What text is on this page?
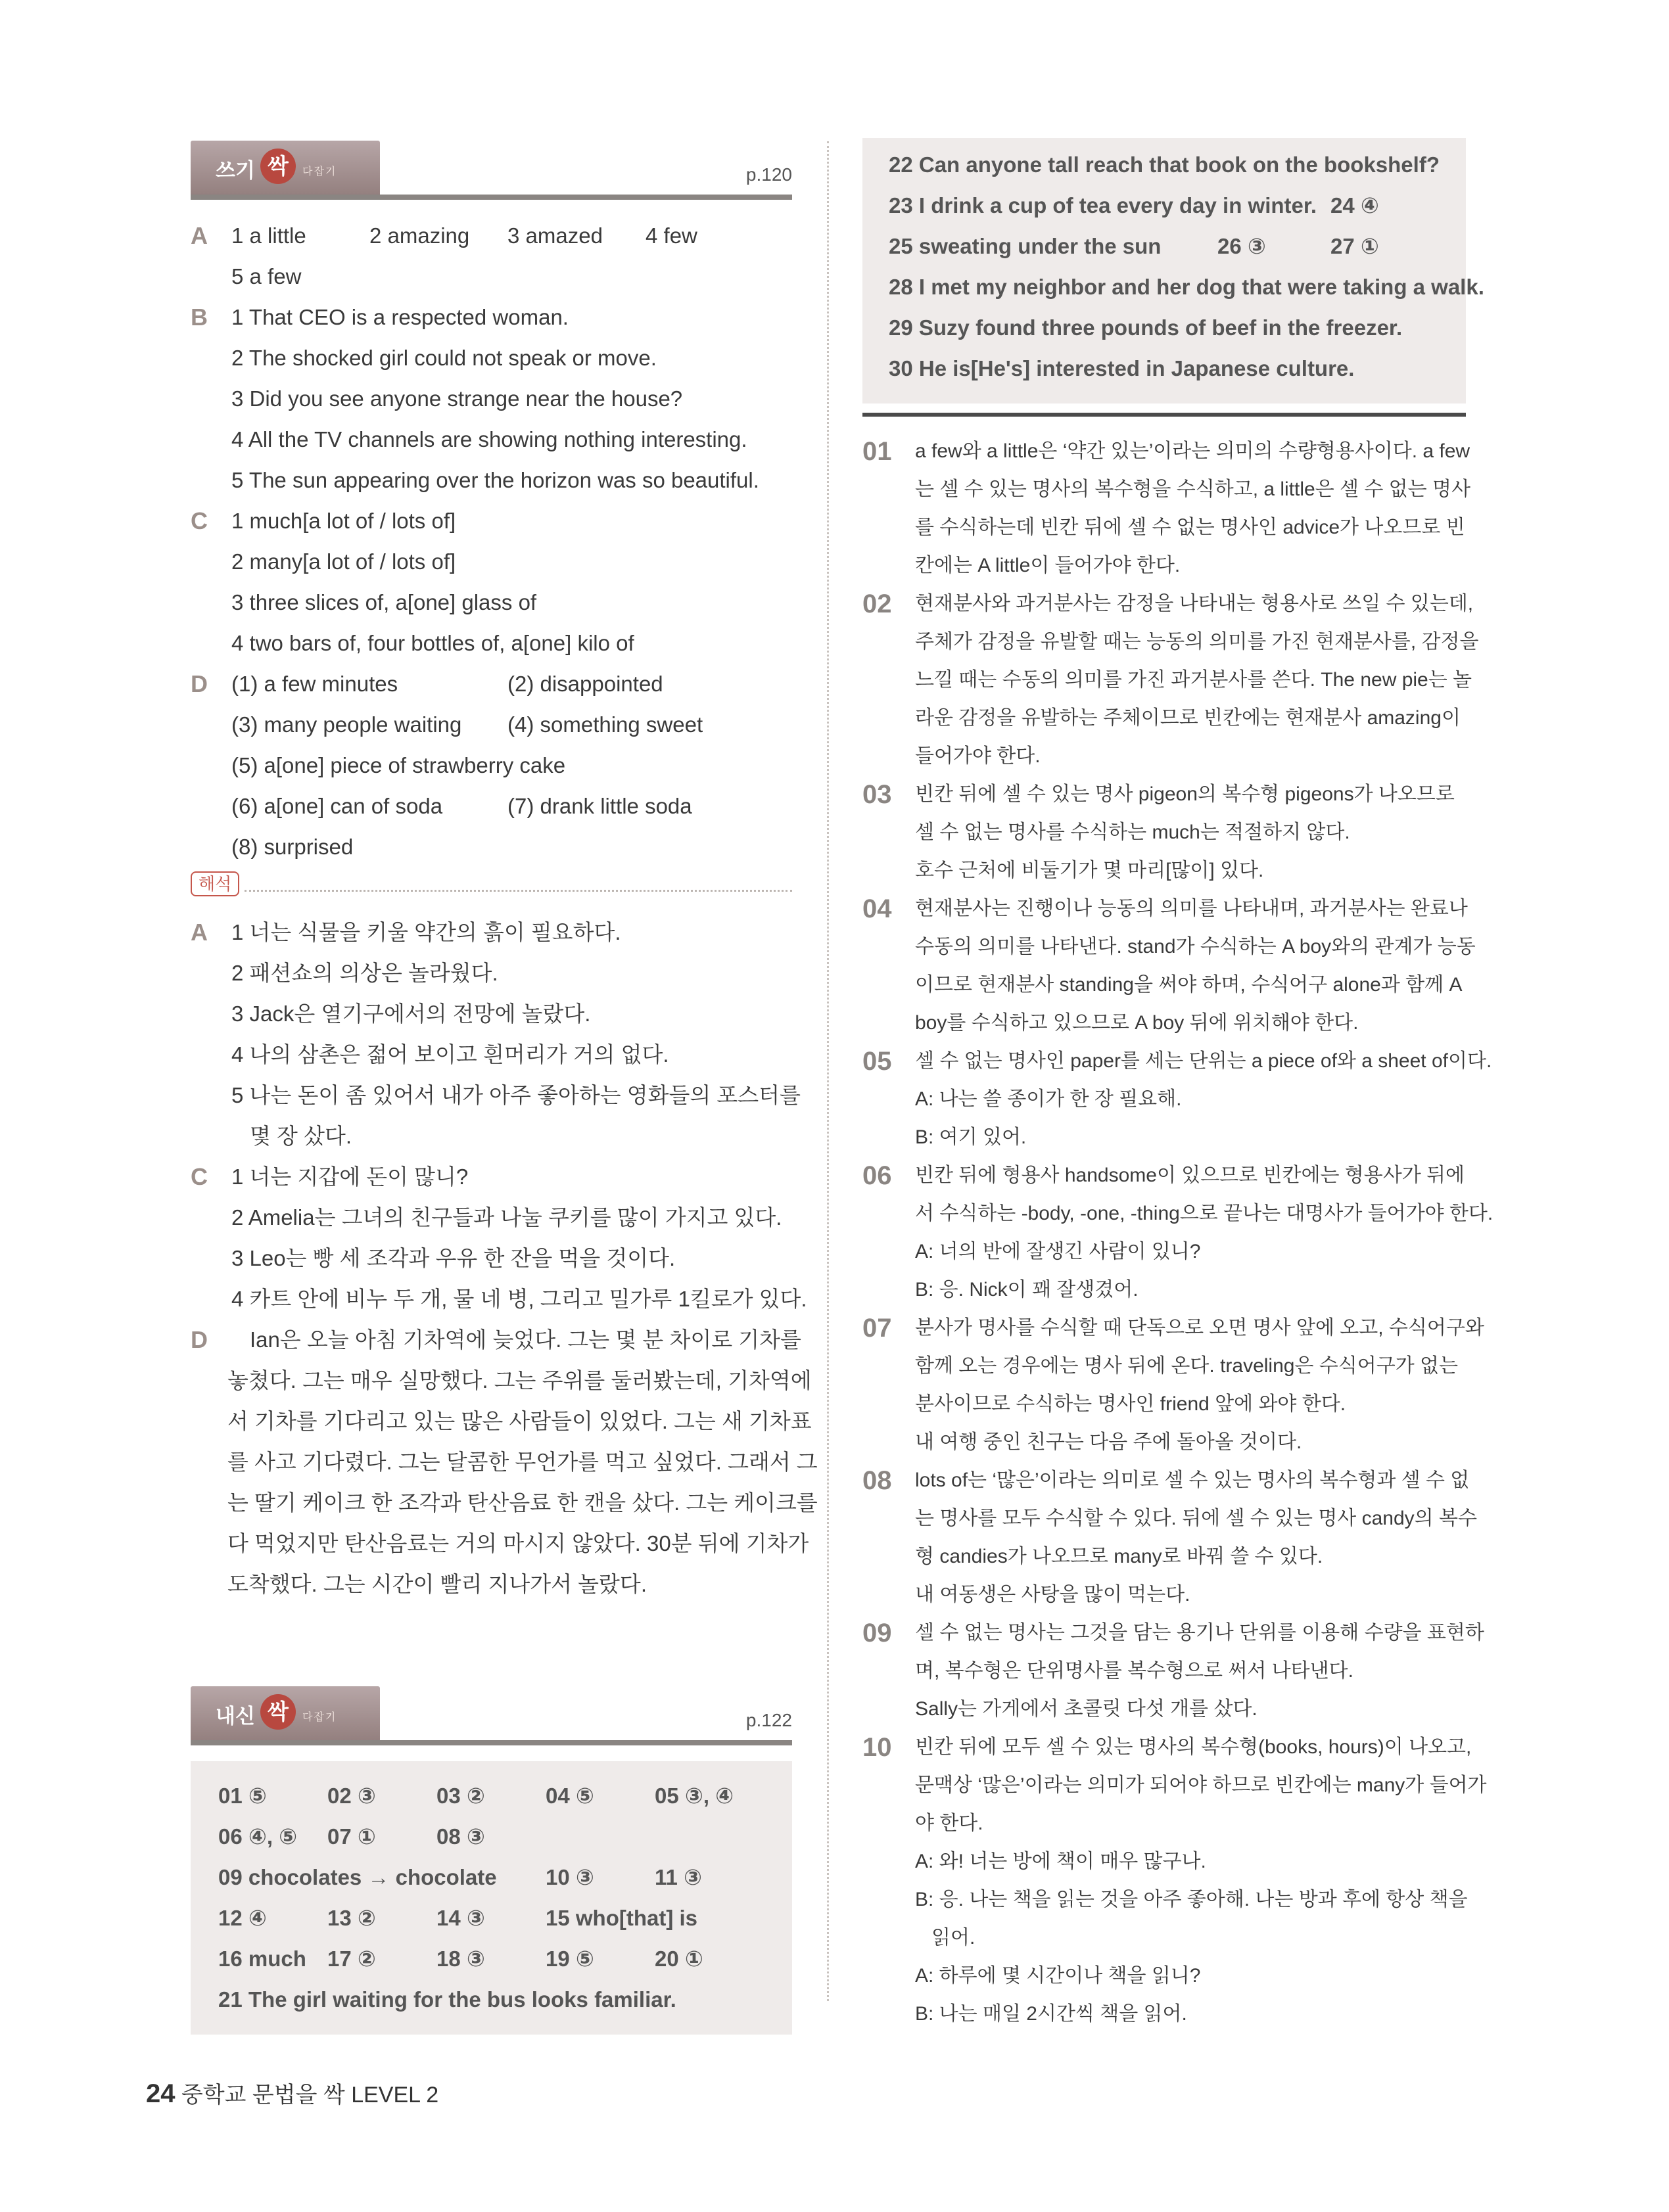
쓰기 싹	다잡기	p.120
A 1 a little	2 amazing 3 amazed 4 few
5 a few
B 1 That CEO is a respected woman.
2 The shocked girl could not speak or move.
3 Did you see anyone strange near the house?
4 All the TV channels are showing nothing interesting.
5 The sun appearing over the horizon was so beautiful.
C 1 much[a lot of / lots of]
2 many[a lot of / lots of]
3 three slices of, a[one] glass of
4 two bars of, four bottles of, a[one] kilo of
D (1) a few minutes	(2) disappointed
(3) many people waiting (4) something sweet
(5) a[one] piece of strawberry cake
(6) a[one] can of soda	(7) drank little soda
(8) surprised
해석
A 1 너는 식물을 키울 약간의 흙이 필요하다.
2 패션쇼의 의상은 놀라웠다.
3 Jack은 열기구에서의 전망에 놀랐다.
4 나의 삼촌은 젊어 보이고 흰머리가 거의 없다.
5 나는 돈이 좀 있어서 내가 아주 좋아하는 영화들의 포스터를
몇 장 샀다.
C 1 너는 지갑에 돈이 많니?
2 Amelia는 그녀의 친구들과 나눌 쿠키를 많이 가지고 있다.
3 Leo는 빵 세 조각과 우유 한 잔을 먹을 것이다.
4 카트 안에 비누 두 개, 물 네 병, 그리고 밀가루 1킬로가 있다.
D Ian은 오늘 아침 기차역에 늦었다. 그는 몇 분 차이로 기차를
놓쳤다. 그는 매우 실망했다. 그는 주위를 둘러봤는데, 기차역에
서 기차를 기다리고 있는 많은 사람들이 있었다. 그는 새 기차표
를 사고 기다렸다. 그는 달콤한 무언가를 먹고 싶었다. 그래서 그
는 딸기 케이크 한 조각과 탄산음료 한 캔을 샀다. 그는 케이크를
다 먹었지만 탄산음료는 거의 마시지 않았다. 30분 뒤에 기차가
도착했다. 그는 시간이 빨리 지나가서 놀랐다.
내신 싹	다잡기	p.122
01 ⑤	02 ③	03 ②	04 ⑤	05 ③, ④
06 ④, ⑤ 07 ①	08 ③
09 chocolates → chocolate 10 ③	11 ③
12 ④	13 ②	14 ③	15 who[that] is
16 much 17 ②	18 ③	19 ⑤	20 ①
21 The girl waiting for the bus looks familiar.
22 Can anyone tall reach that book on the bookshelf?
23 I drink a cup of tea every day in winter. 24 ④
25 sweating under the sun	26 ③	27 ①
28 I met my neighbor and her dog that were taking a walk.
29 Suzy found three pounds of beef in the freezer.
30 He is[He's] interested in Japanese culture.
01 a few와 a little은 ‘약간 있는’이라는 의미의 수량형용사이다. a few

는 셀 수 있는 명사의 복수형을 수식하고, a little은 셀 수 없는 명사

를 수식하는데 빈칸 뒤에 셀 수 없는 명사인 advice가 나오므로 빈

칸에는 A little이 들어가야 한다.

02 현재분사와 과거분사는 감정을 나타내는 형용사로 쓰일 수 있는데,

주체가 감정을 유발할 때는 능동의 의미를 가진 현재분사를, 감정을

느낄 때는 수동의 의미를 가진 과거분사를 쓴다. The new pie는 놀

라운 감정을 유발하는 주체이므로 빈칸에는 현재분사 amazing이

들어가야 한다.

03 빈칸 뒤에 셀 수 있는 명사 pigeon의 복수형 pigeons가 나오므로

셀 수 없는 명사를 수식하는 much는 적절하지 않다.

호수 근처에 비둘기가 몇 마리[많이] 있다.

04 현재분사는 진행이나 능동의 의미를 나타내며, 과거분사는 완료나

수동의 의미를 나타낸다. stand가 수식하는 A boy와의 관계가 능동

이므로 현재분사 standing을 써야 하며, 수식어구 alone과 함께 A

boy를 수식하고 있으므로 A boy 뒤에 위치해야 한다.

05 셀 수 없는 명사인 paper를 세는 단위는 a piece of와 a sheet of이다.

A: 나는 쓸 종이가 한 장 필요해.

B: 여기 있어.

06 빈칸 뒤에 형용사 handsome이 있으므로 빈칸에는 형용사가 뒤에

서 수식하는 -body, -one, -thing으로 끝나는 대명사가 들어가야 한다.

A: 너의 반에 잘생긴 사람이 있니?

B: 응. Nick이 꽤 잘생겼어.

07 분사가 명사를 수식할 때 단독으로 오면 명사 앞에 오고, 수식어구와

함께 오는 경우에는 명사 뒤에 온다. traveling은 수식어구가 없는

분사이므로 수식하는 명사인 friend 앞에 와야 한다.

내 여행 중인 친구는 다음 주에 돌아올 것이다.

08 lots of는 ‘많은’이라는 의미로 셀 수 있는 명사의 복수형과 셀 수 없

는 명사를 모두 수식할 수 있다. 뒤에 셀 수 있는 명사 candy의 복수

형 candies가 나오므로 many로 바꿔 쓸 수 있다.

내 여동생은 사탕을 많이 먹는다.

09 셀 수 없는 명사는 그것을 담는 용기나 단위를 이용해 수량을 표현하

며, 복수형은 단위명사를 복수형으로 써서 나타낸다.

Sally는 가게에서 초콜릿 다섯 개를 샀다.

10 빈칸 뒤에 모두 셀 수 있는 명사의 복수형(books, hours)이 나오고,

문맥상 ‘많은’이라는 의미가 되어야 하므로 빈칸에는 many가 들어가

야 한다.

A: 와! 너는 방에 책이 매우 많구나.

B: 응. 나는 책을 읽는 것을 아주 좋아해. 나는 방과 후에 항상 책을

읽어.

A: 하루에 몇 시간이나 책을 읽니?

B: 나는 매일 2시간씩 책을 읽어.

24 중학교 문법을 싹 LEVEL 2
